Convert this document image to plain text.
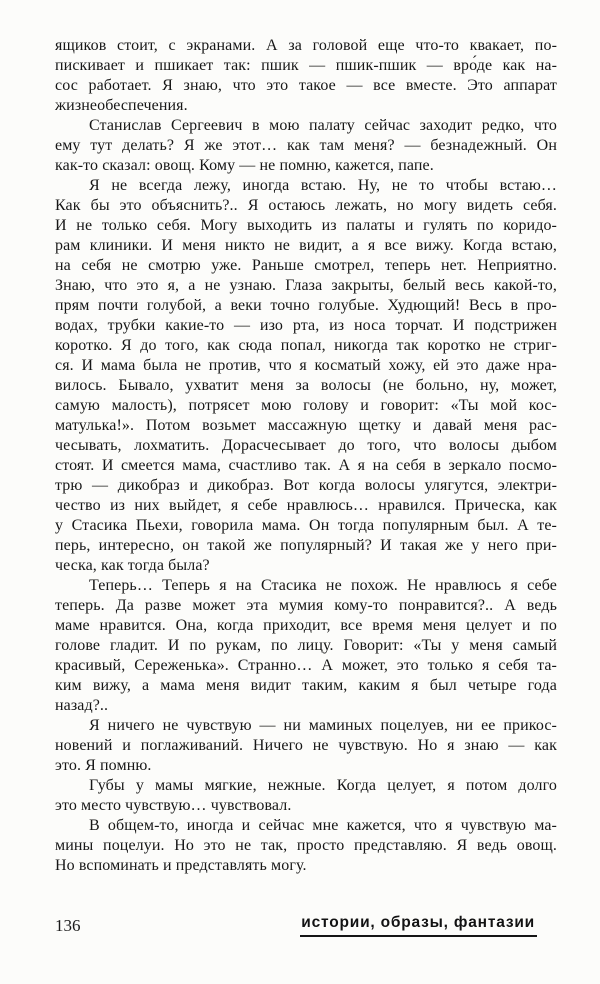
ящиков стоит, с экранами. А за головой еще что-то квакает, по-
пискивает и пшикает так: пшик — пшик-пшик — вро́де как на-
сос работает. Я знаю, что это такое — все вместе. Это аппарат
жизнеобеспечения.
Станислав Сергеевич в мою палату сейчас заходит редко, что
ему тут делать? Я же этот… как там меня? — безнадежный. Он
как-то сказал: овощ. Кому — не помню, кажется, папе.
Я не всегда лежу, иногда встаю. Ну, не то чтобы встаю…
Как бы это объяснить?.. Я остаюсь лежать, но могу видеть себя.
И не только себя. Могу выходить из палаты и гулять по коридо-
рам клиники. И меня никто не видит, а я все вижу. Когда встаю,
на себя не смотрю уже. Раньше смотрел, теперь нет. Неприятно.
Знаю, что это я, а не узнаю. Глаза закрыты, белый весь какой-то,
прям почти голубой, а веки точно голубые. Худющий! Весь в про-
водах, трубки какие-то — изо рта, из носа торчат. И подстрижен
коротко. Я до того, как сюда попал, никогда так коротко не стриг-
ся. И мама была не против, что я косматый хожу, ей это даже нра-
вилось. Бывало, ухватит меня за волосы (не больно, ну, может,
самую малость), потрясет мою голову и говорит: «Ты мой кос-
матулька!». Потом возьмет массажную щетку и давай меня рас-
чесывать, лохматить. Дорасчесывает до того, что волосы дыбом
стоят. И смеется мама, счастливо так. А я на себя в зеркало посмо-
трю — дикобраз и дикобраз. Вот когда волосы улягутся, электри-
чество из них выйдет, я себе нравлюсь… нравился. Прическа, как
у Стасика Пьехи, говорила мама. Он тогда популярным был. А те-
перь, интересно, он такой же популярный? И такая же у него при-
ческа, как тогда была?
Теперь… Теперь я на Стасика не похож. Не нравлюсь я себе
теперь. Да разве может эта мумия кому-то понравится?.. А ведь
маме нравится. Она, когда приходит, все время меня целует и по
голове гладит. И по рукам, по лицу. Говорит: «Ты у меня самый
красивый, Сереженька». Странно… А может, это только я себя та-
ким вижу, а мама меня видит таким, каким я был четыре года
назад?..
Я ничего не чувствую — ни маминых поцелуев, ни ее прикос-
новений и поглаживаний. Ничего не чувствую. Но я знаю — как
это. Я помню.
Губы у мамы мягкие, нежные. Когда целует, я потом долго
это место чувствую… чувствовал.
В общем-то, иногда и сейчас мне кажется, что я чувствую ма-
мины поцелуи. Но это не так, просто представляю. Я ведь овощ.
Но вспоминать и представлять могу.
136	истории, образы, фантазии
